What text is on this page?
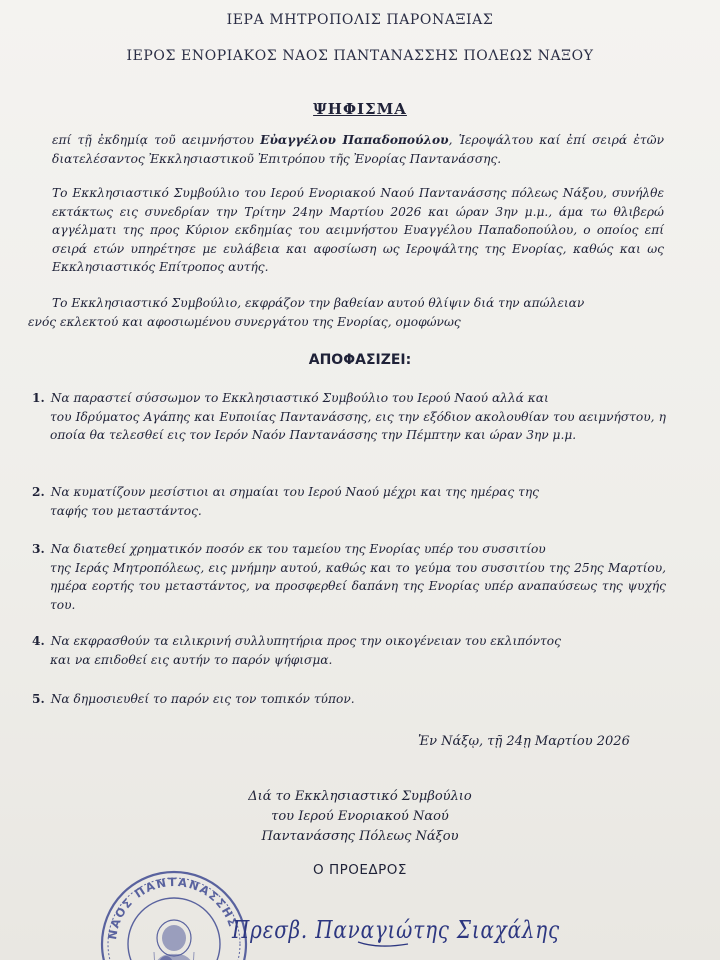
ΙΕΡΑ ΜΗΤΡΟΠΟΛΙΣ ΠΑΡΟΝΑΞΙΑΣ
ΙΕΡΟΣ ΕΝΟΡΙΑΚΟΣ ΝΑΟΣ ΠΑΝΤΑΝΑΣΣΗΣ ΠΟΛΕΩΣ ΝΑΞΟΥ
ΨΗΦΙΣΜΑ
επί τῇ ἐκδημίᾳ τοῦ αειμνήστου Εὐαγγέλου Παπαδοπούλου, Ἱεροψάλτου καί ἐπί σειρά ἐτῶν διατελέσαντος Ἐκκλησιαστικοῦ Ἐπιτρόπου τῆς Ἐνορίας Παντανάσσης.
Το Εκκλησιαστικό Συμβούλιο του Ιερού Ενοριακού Ναού Παντανάσσης πόλεως Νάξου, συνήλθε εκτάκτως εις συνεδρίαν την Τρίτην 24ην Μαρτίου 2026 και ώραν 3ην μ.μ., άμα τω θλιβερώ αγγέλματι της προς Κύριον εκδημίας του αειμνήστου Ευαγγέλου Παπαδοπούλου, ο οποίος επί σειρά ετών υπηρέτησε με ευλάβεια και αφοσίωση ως Ιεροψάλτης της Ενορίας, καθώς και ως Εκκλησιαστικός Επίτροπος αυτής.
Το Εκκλησιαστικό Συμβούλιο, εκφράζον την βαθείαν αυτού θλίψιν διά την απώλειαν
ενός εκλεκτού και αφοσιωμένου συνεργάτου της Ενορίας, ομοφώνως
ΑΠΟΦΑΣΙΖΕΙ:
1. Να παραστεί σύσσωμον το Εκκλησιαστικό Συμβούλιο του Ιερού Ναού αλλά και
του Ιδρύματος Αγάπης και Ευποιίας Παντανάσσης, εις την εξόδιον ακολουθίαν του αειμνήστου, η οποία θα τελεσθεί εις τον Ιερόν Ναόν Παντανάσσης την Πέμπτην και ώραν 3ην μ.μ.
2. Να κυματίζουν μεσίστιοι αι σημαίαι του Ιερού Ναού μέχρι και της ημέρας της
ταφής του μεταστάντος.
3. Να διατεθεί χρηματικόν ποσόν εκ του ταμείου της Ενορίας υπέρ του συσσιτίου
της Ιεράς Μητροπόλεως, εις μνήμην αυτού, καθώς και το γεύμα του συσσιτίου της 25ης Μαρτίου, ημέρα εορτής του μεταστάντος, να προσφερθεί δαπάνη της Ενορίας υπέρ αναπαύσεως της ψυχής του.
4. Να εκφρασθούν τα ειλικρινή συλλυπητήρια προς την οικογένειαν του εκλιπόντος
και να επιδοθεί εις αυτήν το παρόν ψήφισμα.
5. Να δημοσιευθεί το παρόν εις τον τοπικόν τύπον.
Ἐν Νάξῳ, τῇ 24ῃ Μαρτίου 2026
Διά το Εκκλησιαστικό Συμβούλιο
του Ιερού Ενοριακού Ναού
Παντανάσσης Πόλεως Νάξου
Ο ΠΡΟΕΔΡΟΣ
ΝΑΟΣ ΠΑΝΤΑΝΑΣΣΗΣ
Πρεσβ. Παναγιώτης Σιαχάλης
